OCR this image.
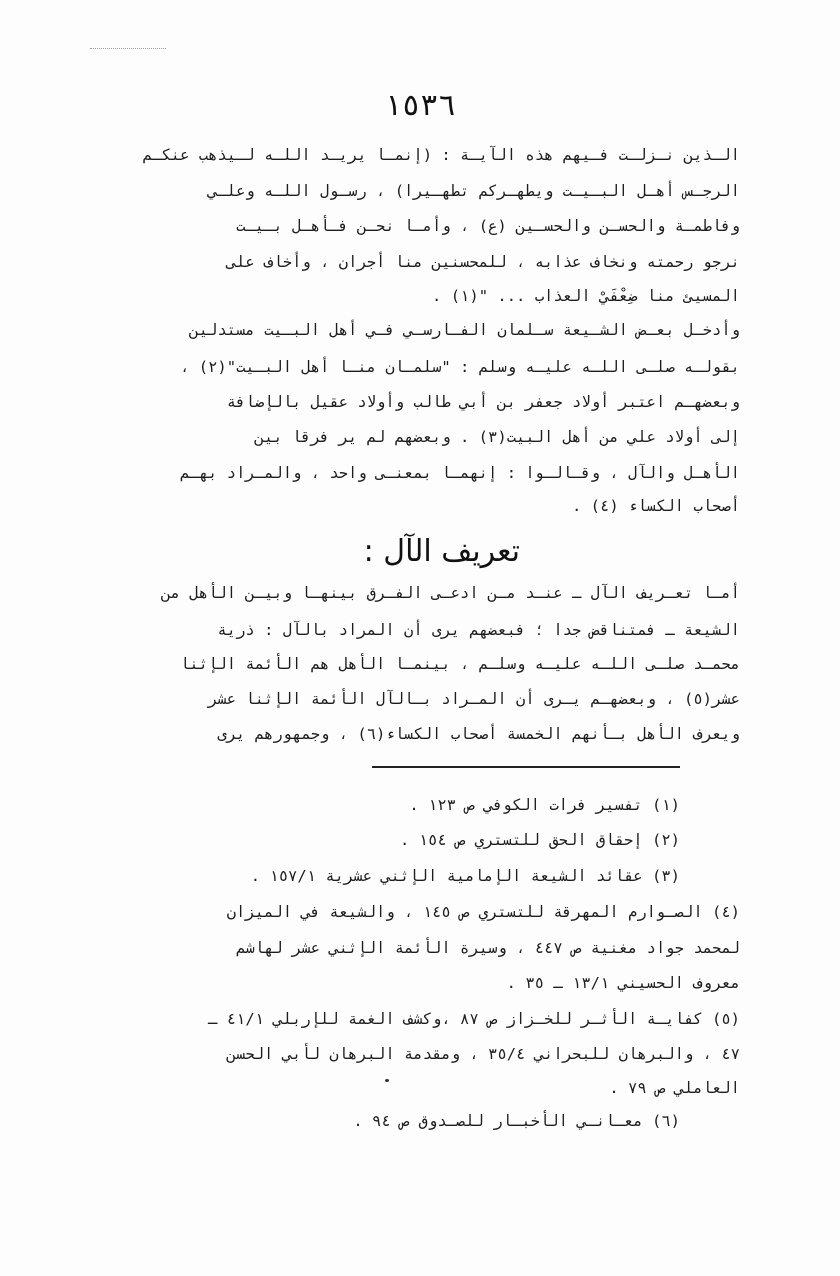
١٥٣٦
الـذين نـزلـت فـيهم هذه الآيـة : (إنمـا يريـد اللـه لـيذهب عنكـم
الرجـس أهـل البـيـت ويطهـركم تطهـيرا) ، رسـول اللـه وعلـي
وفاطمـة والحسـن والحسـين (ع) ، وأمـا نحـن فـأهـل بـيـت
نرجو رحمته ونخاف عذابه ، للمحسنين منا أجران ، وأخاف على
المسيئ منا ضِعْفَيْ العذاب ... "(١) .
وأدخـل بعـض الشـيعة سـلمان الفـارسـي فـي أهل البـيت مستدلين
بقولـه صلـى اللـه عليـه وسلم : "سلمـان منـا أهل البـيت"(٢) ،
وبعضهـم اعتبر أولاد جعفر بن أبي طالب وأولاد عقيل بالإضافة
إلى أولاد علي من أهل البيت(٣) . وبعضهم لم ير فرقا بين
الأهـل والآل ، وقـالـوا : إنهمـا بمعنـى واحد ، والمـراد بهـم
أصحاب الكساء (٤) .
تعريف الآل :
أمـا تعـريف الآل ـ عنـد مـن ادعـى الفـرق بينهـا وبيـن الأهل من
الشيعة ـ فمتناقض جدا ؛ فبعضهم يرى أن المراد بالآل : ذرية
محمـد صلـى اللـه عليـه وسلـم ، بينمـا الأهل هم الأئمة الإثنا
عشر(٥) ، وبعضهـم يـرى أن المـراد بـالآل الأئمة الإثنا عشر
ويعرف الأهل بـأنهم الخمسة أصحاب الكساء(٦) ، وجمهورهم يرى
(١) تفسير فرات الكوفي ص ١٢٣ .
(٢) إحقاق الحق للتستري ص ١٥٤ .
(٣) عقائد الشيعة الإمامية الإثني عشرية ١٥٧/١ .
(٤) الصـوارم المهرقة للتستري ص ١٤٥ ، والشيعة في الميزان
لمحمد جواد مغنية ص ٤٤٧ ، وسيرة الأئمة الإثني عشر لهاشم
معروف الحسيني ١٣/١ ـ ٣٥ .
(٥) كفايـة الأثـر للخـزاز ص ٨٧ ،وكشف الغمة للإربلي ٤١/١ ـ
٤٧ ، والبرهان للبحراني ٣٥/٤ ، ومقدمة البرهان لأبي الحسن
العاملي ص ٧٩ .
(٦) معـانـي الأخبـار للصـدوق ص ٩٤ .
